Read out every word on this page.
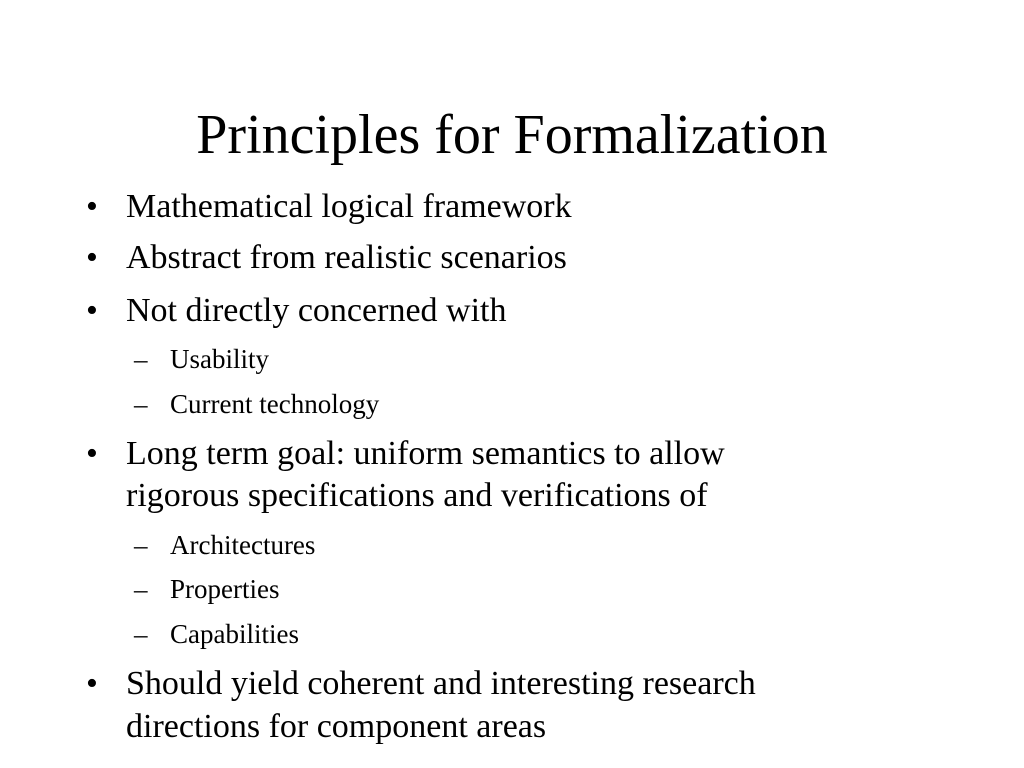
Principles for Formalization
• Mathematical logical framework
• Abstract from realistic scenarios
• Not directly concerned with
– Usability
– Current technology
• Long term goal: uniform semantics to allow
rigorous specifications and verifications of
– Architectures
– Properties
– Capabilities
• Should yield coherent and interesting research
directions for component areas
